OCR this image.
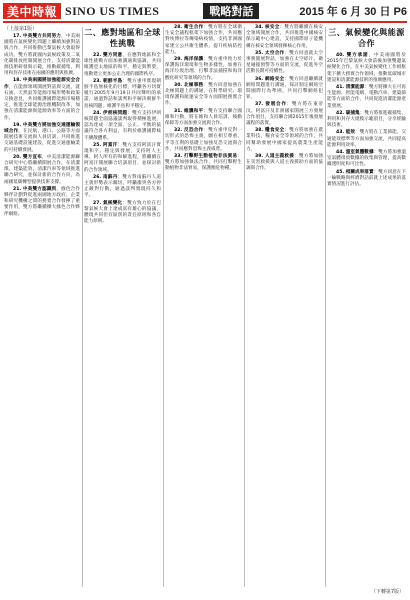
美中時報 SINO US TIMES	戰略對話	2015 年 6 月 30 日 P6
（上接第1版）

17. 中美雙方共同努力，中美兩國將在氣候變化問題上繼續加強對話與合作，共同推動巴黎氣候大會取得成功。雙方將就國內氣候政策及二氧化碳排放控制開展合作，支持清潔能源技術研發與示範，推動碳捕集、利用和封存技術在兩國的應用與推廣。

18. 中美兩國將加強能源安全合作，在能源領域開展對話與交流，就石油、天然氣等能源市場形勢和政策交換意見，共同維護國際能源市場穩定，推進全球能源治理機制改革，加強在清潔能源與能源效率等方面的合作。

19. 中美雙方將加強交通運輸領域合作，在民航、港口、公路等方面開展技術交流與人員培訓，共同推進交通基礎設施建設，促進交通運輸業的可持續發展。

20. 雙方宣布，中美清潔能源聯合研究中心將繼續開展合作，在清潔煤、建築能效、清潔汽車等領域推進聯合研究，並探討新的合作方向，為兩國低碳轉型提供技術支撐。

21. 中美雙方認識到，綠色合作夥伴計劃對促進兩國地方政府、企業和研究機構之間的務實合作發揮了重要作用，雙方將繼續擴大綠色合作夥伴網絡。

二、應對地區和全球性挑戰

22. 雙方同意，在應對地區和全球性挑戰方面加強溝通與協調，共同維護亞太地區的和平、穩定與繁榮，推動建立更加公正合理的國際秩序。

23. 朝鮮半島：雙方重申實現朝鮮半島無核化的目標，呼籲各方切實履行2005年9月19日共同聲明的承諾，通過對話和談判和平解決朝鮮半島核問題，維護半島和平穩定。

24. 伊朗核問題：雙方支持伊朗核問題全面協議談判取得積極進展，認為達成一項全面、公正、平衡的協議符合各方利益，有利於維護國際核不擴散體系。

25. 阿富汗：雙方支持阿富汗實現和平、穩定與發展，支持阿人主導、阿人所有的和解進程，將繼續在阿富汗開展聯合培訓項目，並探討新的合作領域。

26. 南蘇丹：雙方對南蘇丹人道主義形勢表示關切，呼籲衝突各方停止敵對行動，通過談判實現持久和平。

27. 氣候變化：雙方致力於在巴黎氣候大會上達成富有雄心的協議，體現共同但有區別的責任原則和各自能力原則。

28. 衛生合作：雙方將在全球衛生安全議程框架下加強合作，共同應對埃博拉等傳染病疫情，支持非洲國家建立公共衛生體系，提升疾病防控能力。

29. 海洋保護：雙方重申致力於保護海洋環境和生物多樣性，加強在海洋垃圾治理、打擊非法捕撈和海洋酸化研究等領域的合作。

30. 北極事務：雙方同意加強在北極問題上的溝通，在科學研究、環境保護和航運安全等方面開展務實合作。

31. 維護和平：雙方支持聯合國維和行動，將在維和人員培訓、後勤保障等方面加強交流與合作。

32. 反恐合作：雙方重申反對一切形式的恐怖主義，願在相互尊重、平等互利的基礎上加強反恐交流與合作，共同應對恐怖主義威脅。

33. 打擊野生動植物非法貿易：雙方將加強執法合作，共同打擊野生動植物非法貿易，保護瀕危物種。

34. 核安全：雙方將繼續在核安全領域開展合作，共同推進中國核安保示範中心建設，支持國際原子能機構在核安全領域發揮核心作用。

35. 太空合作：雙方同意就太空事務開展對話，加強在太空碎片、衛星碰撞預警等方面的交流，促進外空活動長期可持續性。

36. 網絡安全：雙方同意繼續就網絡問題進行溝通，探討制定網絡空間國際行為準則，共同打擊網絡犯罪。

37. 發展合作：雙方將在東帝汶、阿富汗及非洲國家開展三方發展合作項目，支持聯合國2015年後發展議程的落實。

38. 糧食安全：雙方將加強在農業科技、糧食安全等領域的合作，共同幫助發展中國家提高農業生產能力。

39. 人道主義救援：雙方將加強在災害救援與人道主義援助方面的協調與合作。

三、氣候變化與能源合作

40. 雙方承諾，中美兩國將於2015年巴黎氣候大會前後加強雙邊氣候變化合作，在中美氣候變化工作組框架下擴大務實合作領域，推動低碳城市建設和清潔能源技術的推廣應用。

41. 清潔能源：雙方將擴大在可再生能源、智能電網、電動汽車、建築節能等方面的合作，共同促進清潔能源產業發展。

42. 碳捕集：雙方將推進碳捕集、利用和封存大規模示範項目，分享經驗與技術。

43. 能效：雙方將在工業節能、交通能效標準等方面加強交流，共同提高能源利用效率。

44. 溫室氣體數據：雙方將加強溫室氣體排放數據的收集與管理，提高數據透明度和可比性。

45. 相關成果落實：雙方同意在下一輪戰略與經濟對話前就上述成果的落實情況進行評估。

（下轉第7版）
